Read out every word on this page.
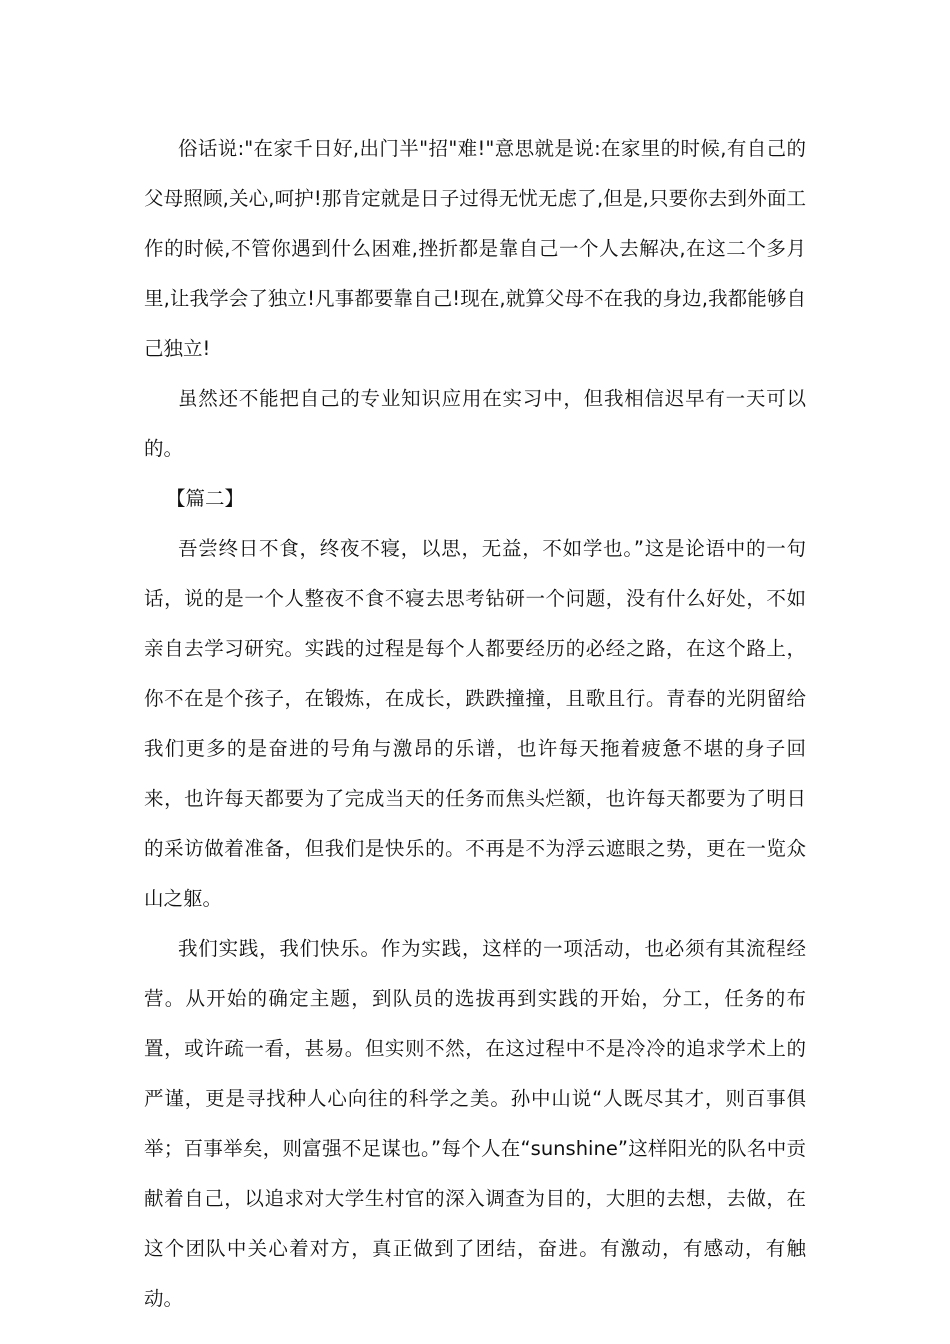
俗话说:"在家千日好,出门半"招"难!"意思就是说:在家里的时候,有自己的父母照顾,关心,呵护!那肯定就是日子过得无忧无虑了,但是,只要你去到外面工作的时候,不管你遇到什么困难,挫折都是靠自己一个人去解决,在这二个多月里,让我学会了独立!凡事都要靠自己!现在,就算父母不在我的身边,我都能够自己独立!

虽然还不能把自己的专业知识应用在实习中，但我相信迟早有一天可以的。

【篇二】

吾尝终日不食，终夜不寝，以思，无益，不如学也。”这是论语中的一句话，说的是一个人整夜不食不寝去思考钻研一个问题，没有什么好处，不如亲自去学习研究。实践的过程是每个人都要经历的必经之路，在这个路上，你不在是个孩子，在锻炼，在成长，跌跌撞撞，且歌且行。青春的光阴留给我们更多的是奋进的号角与激昂的乐谱，也许每天拖着疲惫不堪的身子回来，也许每天都要为了完成当天的任务而焦头烂额，也许每天都要为了明日的采访做着准备，但我们是快乐的。不再是不为浮云遮眼之势，更在一览众山之躯。

我们实践，我们快乐。作为实践，这样的一项活动，也必须有其流程经营。从开始的确定主题，到队员的选拔再到实践的开始，分工，任务的布置，或许疏一看，甚易。但实则不然，在这过程中不是冷冷的追求学术上的严谨，更是寻找种人心向往的科学之美。孙中山说“人既尽其才，则百事俱举；百事举矣，则富强不足谋也。”每个人在“sunshine”这样阳光的队名中贡献着自己，以追求对大学生村官的深入调查为目的，大胆的去想，去做，在这个团队中关心着对方，真正做到了团结，奋进。有激动，有感动，有触动。
